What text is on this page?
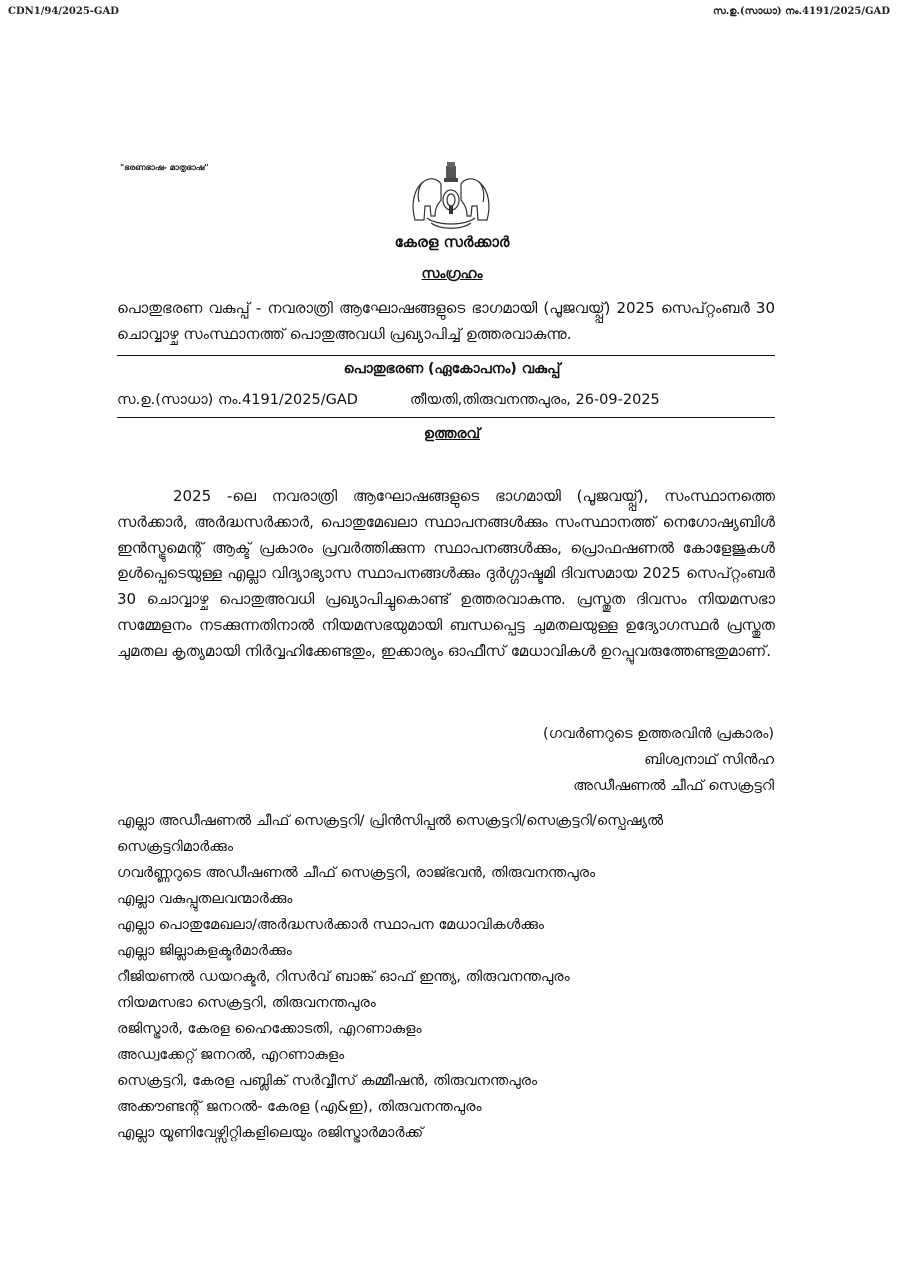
CDN1/94/2025-GAD	സ.ഉ.(സാധാ) നം.4191/2025/GAD
"ഭരണഭാഷ- മാതൃഭാഷ"
കേരള സർക്കാർ
സംഗ്രഹം
പൊതുഭരണ വകുപ്പ് - നവരാത്രി ആഘോഷങ്ങളുടെ ഭാഗമായി (പൂജവയ്പ്പ്) 2025 സെപ്റ്റംബർ 30 ചൊവ്വാഴ്ച സംസ്ഥാനത്ത് പൊതുഅവധി പ്രഖ്യാപിച്ച് ഉത്തരവാകുന്നു.
പൊതുഭരണ (ഏകോപനം) വകുപ്പ്
സ.ഉ.(സാധാ) നം.4191/2025/GAD	തീയതി,തിരുവനന്തപുരം, 26-09-2025
ഉത്തരവ്
2025 -ലെ നവരാത്രി ആഘോഷങ്ങളുടെ ഭാഗമായി (പൂജവയ്പ്പ്), സംസ്ഥാനത്തെ സർക്കാർ, അർദ്ധസർക്കാർ, പൊതുമേഖലാ സ്ഥാപനങ്ങൾക്കും സംസ്ഥാനത്ത് നെഗോഷ്യബിൾ ഇൻസ്ട്രുമെന്റ് ആക്ട് പ്രകാരം പ്രവർത്തിക്കുന്ന സ്ഥാപനങ്ങൾക്കും, പ്രൊഫഷണൽ കോളേജുകൾ ഉൾപ്പെടെയുള്ള എല്ലാ വിദ്യാഭ്യാസ സ്ഥാപനങ്ങൾക്കും ദുർഗ്ഗാഷ്ടമി ദിവസമായ 2025 സെപ്റ്റംബർ 30 ചൊവ്വാഴ്ച പൊതുഅവധി പ്രഖ്യാപിച്ചുകൊണ്ട് ഉത്തരവാകുന്നു. പ്രസ്തുത ദിവസം നിയമസഭാ സമ്മേളനം നടക്കുന്നതിനാൽ നിയമസഭയുമായി ബന്ധപ്പെട്ട ചുമതലയുള്ള ഉദ്യോഗസ്ഥർ പ്രസ്തുത ചുമതല കൃത്യമായി നിർവ്വഹിക്കേണ്ടതും, ഇക്കാര്യം ഓഫീസ് മേധാവികൾ ഉറപ്പുവരുത്തേണ്ടതുമാണ്.
(ഗവർണറുടെ ഉത്തരവിൻ പ്രകാരം)
ബിശ്വനാഥ് സിൻഹ
അഡീഷണൽ ചീഫ് സെക്രട്ടറി
എല്ലാ അഡീഷണൽ ചീഫ് സെക്രട്ടറി/ പ്രിൻസിപ്പൽ സെക്രട്ടറി/സെക്രട്ടറി/സ്പെഷ്യൽ സെക്രട്ടറിമാർക്കും
ഗവർണ്ണറുടെ അഡീഷണൽ ചീഫ് സെക്രട്ടറി, രാജ്ഭവൻ, തിരുവനന്തപുരം
എല്ലാ വകുപ്പുതലവന്മാർക്കും
എല്ലാ പൊതുമേഖലാ/അർദ്ധസർക്കാർ സ്ഥാപന മേധാവികൾക്കും
എല്ലാ ജില്ലാകളക്ടർമാർക്കും
റീജിയണൽ ഡയറക്ടർ, റിസർവ് ബാങ്ക് ഓഫ് ഇന്ത്യ, തിരുവനന്തപുരം
നിയമസഭാ സെക്രട്ടറി, തിരുവനന്തപുരം
രജിസ്ട്രാർ, കേരള ഹൈക്കോടതി, എറണാകുളം
അഡ്വക്കേറ്റ് ജനറൽ, എറണാകുളം
സെക്രട്ടറി, കേരള പബ്ലിക് സർവ്വീസ് കമ്മീഷൻ, തിരുവനന്തപുരം
അക്കൗണ്ടന്റ് ജനറൽ- കേരള (എ&ഇ), തിരുവനന്തപുരം
എല്ലാ യൂണിവേഴ്സിറ്റികളിലെയും രജിസ്ട്രാർമാർക്ക്
